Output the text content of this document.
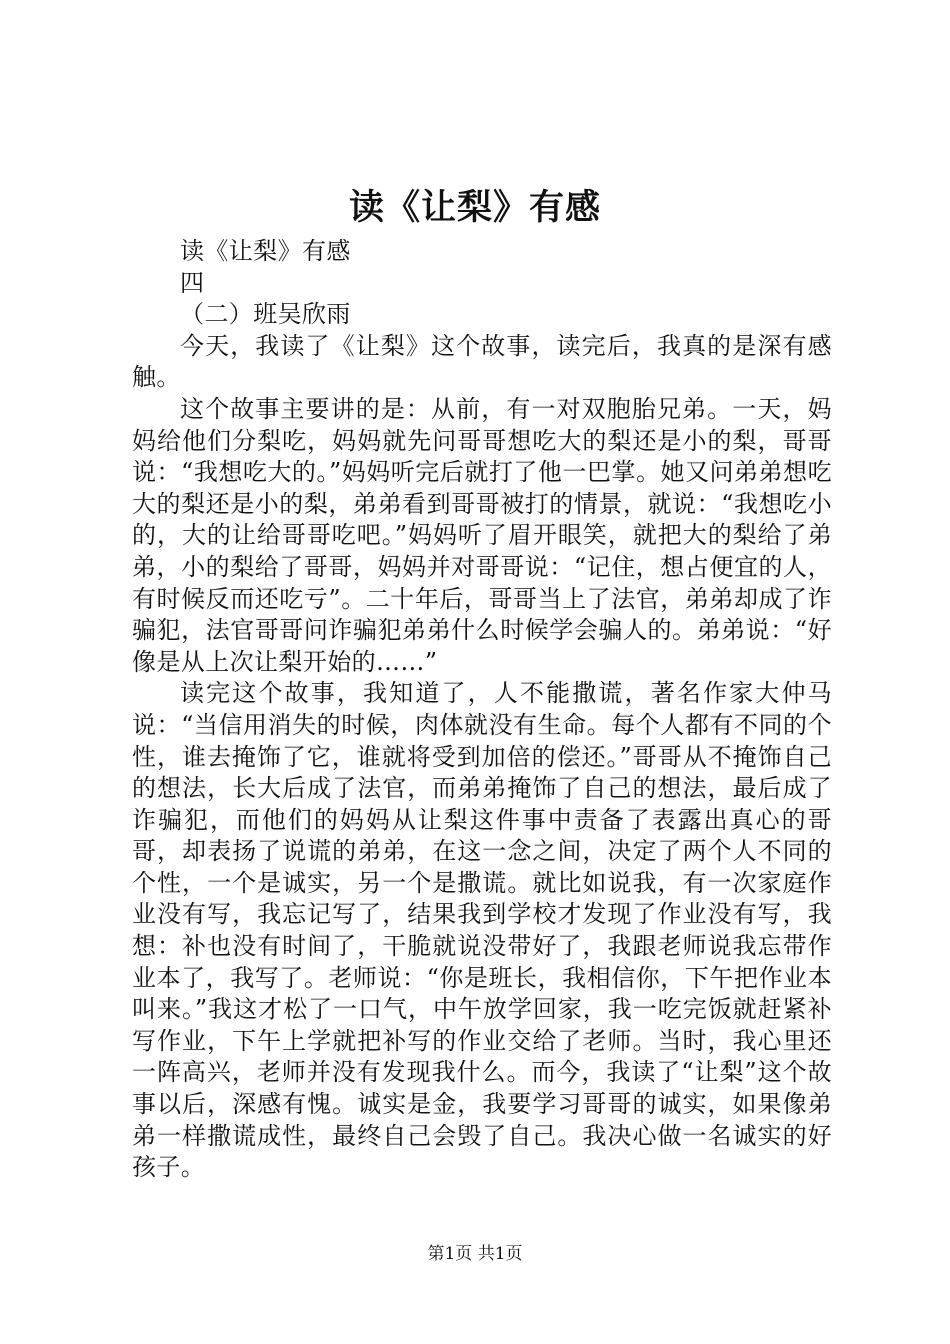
读《让梨》有感

读《让梨》有感

四

（二）班吴欣雨

今天，我读了《让梨》这个故事，读完后，我真的是深有感触。

这个故事主要讲的是：从前，有一对双胞胎兄弟。一天，妈妈给他们分梨吃，妈妈就先问哥哥想吃大的梨还是小的梨，哥哥说：“我想吃大的。”妈妈听完后就打了他一巴掌。她又问弟弟想吃大的梨还是小的梨，弟弟看到哥哥被打的情景，就说：“我想吃小的，大的让给哥哥吃吧。”妈妈听了眉开眼笑，就把大的梨给了弟弟，小的梨给了哥哥，妈妈并对哥哥说：“记住，想占便宜的人，有时候反而还吃亏”。二十年后，哥哥当上了法官，弟弟却成了诈骗犯，法官哥哥问诈骗犯弟弟什么时候学会骗人的。弟弟说：“好像是从上次让梨开始的……”

读完这个故事，我知道了，人不能撒谎，著名作家大仲马说：“当信用消失的时候，肉体就没有生命。每个人都有不同的个性，谁去掩饰了它，谁就将受到加倍的偿还。”哥哥从不掩饰自己的想法，长大后成了法官，而弟弟掩饰了自己的想法，最后成了诈骗犯，而他们的妈妈从让梨这件事中责备了表露出真心的哥哥，却表扬了说谎的弟弟，在这一念之间，决定了两个人不同的个性，一个是诚实，另一个是撒谎。就比如说我，有一次家庭作业没有写，我忘记写了，结果我到学校才发现了作业没有写，我想：补也没有时间了，干脆就说没带好了，我跟老师说我忘带作业本了，我写了。老师说：“你是班长，我相信你，下午把作业本叫来。”我这才松了一口气，中午放学回家，我一吃完饭就赶紧补写作业，下午上学就把补写的作业交给了老师。当时，我心里还一阵高兴，老师并没有发现我什么。而今，我读了“让梨”这个故事以后，深感有愧。诚实是金，我要学习哥哥的诚实，如果像弟弟一样撒谎成性，最终自己会毁了自己。我决心做一名诚实的好孩子。

第1页 共1页
